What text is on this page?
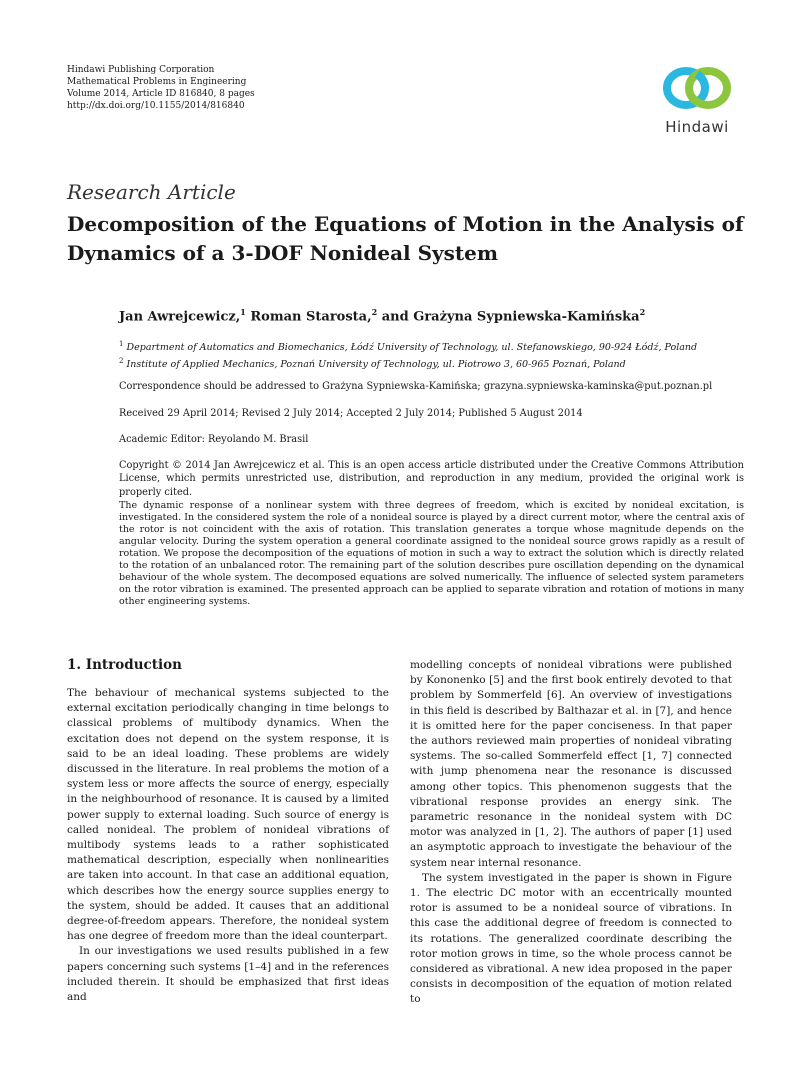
Hindawi Publishing Corporation
Mathematical Problems in Engineering
Volume 2014, Article ID 816840, 8 pages
http://dx.doi.org/10.1155/2014/816840
Hindawi
Research Article
Decomposition of the Equations of Motion in the Analysis of Dynamics of a 3-DOF Nonideal System
Jan Awrejcewicz,$^1$ Roman Starosta,$^2$ and Grażyna Sypniewska-Kamińska$^2$
$^1$ Department of Automatics and Biomechanics, Łódź University of Technology, ul. Stefanowskiego, 90-924 Łódź, Poland
$^2$ Institute of Applied Mechanics, Poznań University of Technology, ul. Piotrowo 3, 60-965 Poznań, Poland
Correspondence should be addressed to Grażyna Sypniewska-Kamińska; grazyna.sypniewska-kaminska@put.poznan.pl
Received 29 April 2014; Revised 2 July 2014; Accepted 2 July 2014; Published 5 August 2014
Academic Editor: Reyolando M. Brasil
Copyright © 2014 Jan Awrejcewicz et al. This is an open access article distributed under the Creative Commons Attribution License, which permits unrestricted use, distribution, and reproduction in any medium, provided the original work is properly cited.
The dynamic response of a nonlinear system with three degrees of freedom, which is excited by nonideal excitation, is investigated. In the considered system the role of a nonideal source is played by a direct current motor, where the central axis of the rotor is not coincident with the axis of rotation. This translation generates a torque whose magnitude depends on the angular velocity. During the system operation a general coordinate assigned to the nonideal source grows rapidly as a result of rotation. We propose the decomposition of the equations of motion in such a way to extract the solution which is directly related to the rotation of an unbalanced rotor. The remaining part of the solution describes pure oscillation depending on the dynamical behaviour of the whole system. The decomposed equations are solved numerically. The influence of selected system parameters on the rotor vibration is examined. The presented approach can be applied to separate vibration and rotation of motions in many other engineering systems.
1. Introduction

The behaviour of mechanical systems subjected to the external excitation periodically changing in time belongs to classical problems of multibody dynamics. When the excitation does not depend on the system response, it is said to be an ideal loading. These problems are widely discussed in the literature. In real problems the motion of a system less or more affects the source of energy, especially in the neighbourhood of resonance. It is caused by a limited power supply to external loading. Such source of energy is called nonideal. The problem of nonideal vibrations of multibody systems leads to a rather sophisticated mathematical description, especially when nonlinearities are taken into account. In that case an additional equation, which describes how the energy source supplies energy to the system, should be added. It causes that an additional degree-of-freedom appears. Therefore, the nonideal system has one degree of freedom more than the ideal counterpart.

In our investigations we used results published in a few papers concerning such systems [1–4] and in the references included therein. It should be emphasized that first ideas and

modelling concepts of nonideal vibrations were published by Kononenko [5] and the first book entirely devoted to that problem by Sommerfeld [6]. An overview of investigations in this field is described by Balthazar et al. in [7], and hence it is omitted here for the paper conciseness. In that paper the authors reviewed main properties of nonideal vibrating systems. The so-called Sommerfeld effect [1, 7] connected with jump phenomena near the resonance is discussed among other topics. This phenomenon suggests that the vibrational response provides an energy sink. The parametric resonance in the nonideal system with DC motor was analyzed in [1, 2]. The authors of paper [1] used an asymptotic approach to investigate the behaviour of the system near internal resonance.

The system investigated in the paper is shown in Figure 1. The electric DC motor with an eccentrically mounted rotor is assumed to be a nonideal source of vibrations. In this case the additional degree of freedom is connected to its rotations. The generalized coordinate describing the rotor motion grows in time, so the whole process cannot be considered as vibrational. A new idea proposed in the paper consists in decomposition of the equation of motion related to
